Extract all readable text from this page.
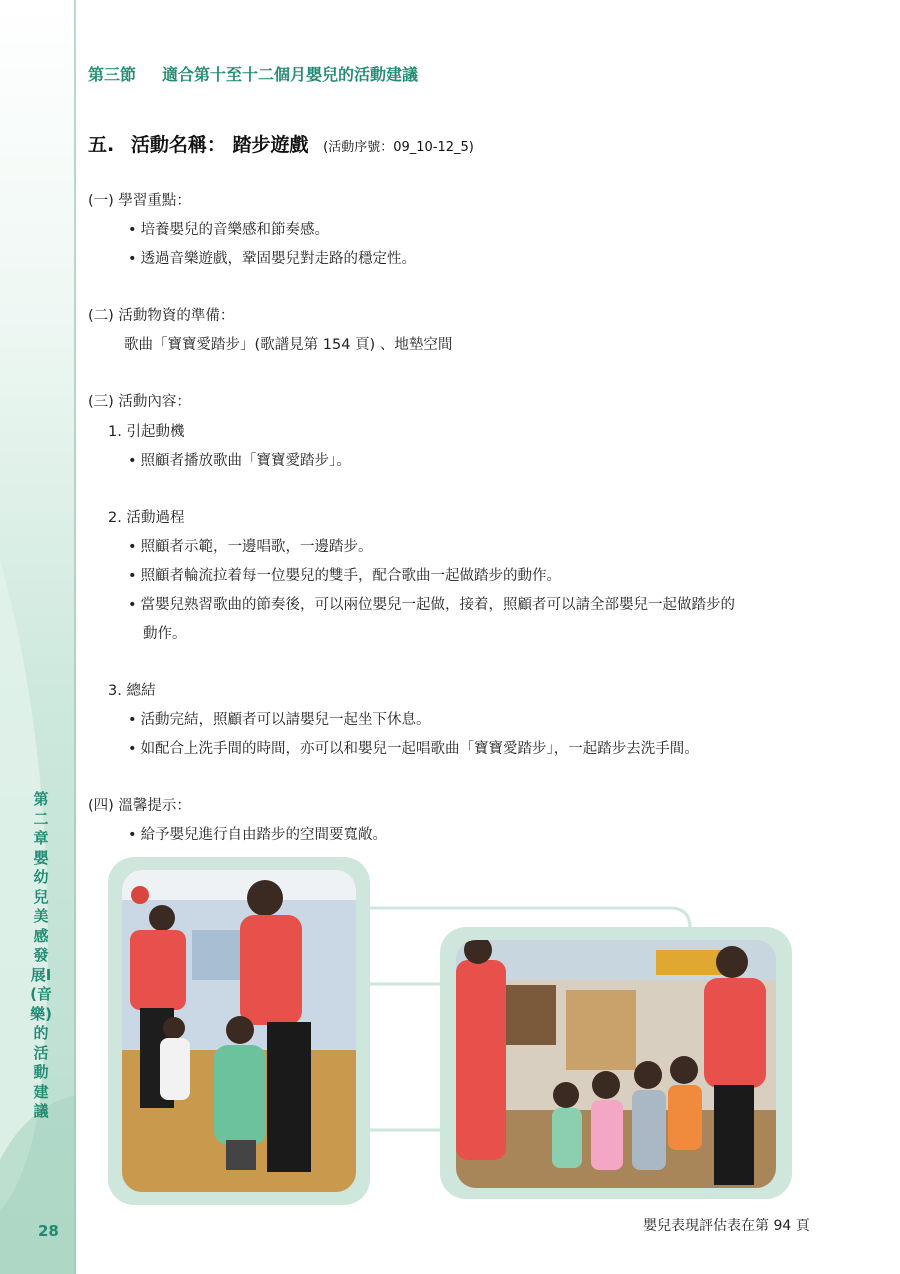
第二章 嬰幼兒美感發展I(音樂)的活動建議
28
第三節 適合第十至十二個月嬰兒的活動建議
五. 活動名稱： 踏步遊戲 (活動序號：09_10-12_5)
(一) 學習重點：
• 培養嬰兒的音樂感和節奏感。
• 透過音樂遊戲，鞏固嬰兒對走路的穩定性。
(二) 活動物資的準備：
歌曲「寶寶愛踏步」(歌譜見第 154 頁) 、地墊空間
(三) 活動內容：
1. 引起動機
• 照顧者播放歌曲「寶寶愛踏步」。
2. 活動過程
• 照顧者示範，一邊唱歌，一邊踏步。
• 照顧者輪流拉着每一位嬰兒的雙手，配合歌曲一起做踏步的動作。
• 當嬰兒熟習歌曲的節奏後，可以兩位嬰兒一起做，接着，照顧者可以請全部嬰兒一起做踏步的
動作。
3. 總結
• 活動完結，照顧者可以請嬰兒一起坐下休息。
• 如配合上洗手間的時間，亦可以和嬰兒一起唱歌曲「寶寶愛踏步」，一起踏步去洗手間。
(四) 溫馨提示：
• 給予嬰兒進行自由踏步的空間要寬敞。
嬰兒表現評估表在第 94 頁
